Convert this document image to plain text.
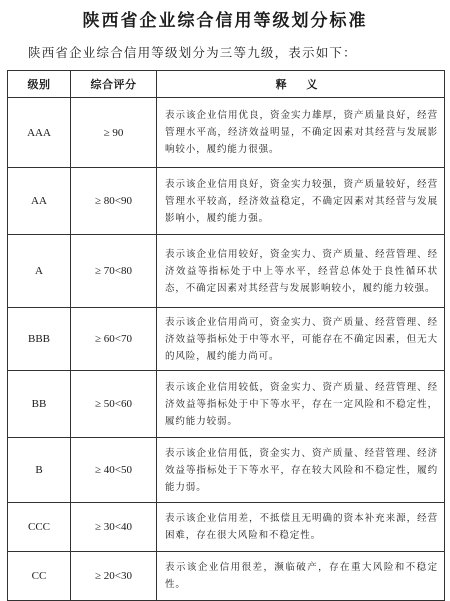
陕西省企业综合信用等级划分标准
陕西省企业综合信用等级划分为三等九级，表示如下：
级别	综合评分	释 义
AAA	≥ 90	表示该企业信用优良，资金实力雄厚，资产质量良好，经营管理水平高，经济效益明显，不确定因素对其经营与发展影响较小，履约能力很强。
AA	≥ 80<90	表示该企业信用良好，资金实力较强，资产质量较好，经营管理水平较高，经济效益稳定，不确定因素对其经营与发展影响小，履约能力强。
A	≥ 70<80	表示该企业信用较好，资金实力、资产质量、经营管理、经济效益等指标处于中上等水平，经营总体处于良性循环状态，不确定因素对其经营与发展影响较小，履约能力较强。
BBB	≥ 60<70	表示该企业信用尚可，资金实力、资产质量、经营管理、经济效益等指标处于中等水平，可能存在不确定因素，但无大的风险，履约能力尚可。
BB	≥ 50<60	表示该企业信用较低，资金实力、资产质量、经营管理、经济效益等指标处于中下等水平，存在一定风险和不稳定性，履约能力较弱。
B	≥ 40<50	表示该企业信用低，资金实力、资产质量、经营管理、经济效益等指标处于下等水平，存在较大风险和不稳定性，履约能力弱。
CCC	≥ 30<40	表示该企业信用差，不抵偿且无明确的资本补充来源，经营困难，存在很大风险和不稳定性。
CC	≥ 20<30	表示该企业信用很差，濒临破产，存在重大风险和不稳定性。
